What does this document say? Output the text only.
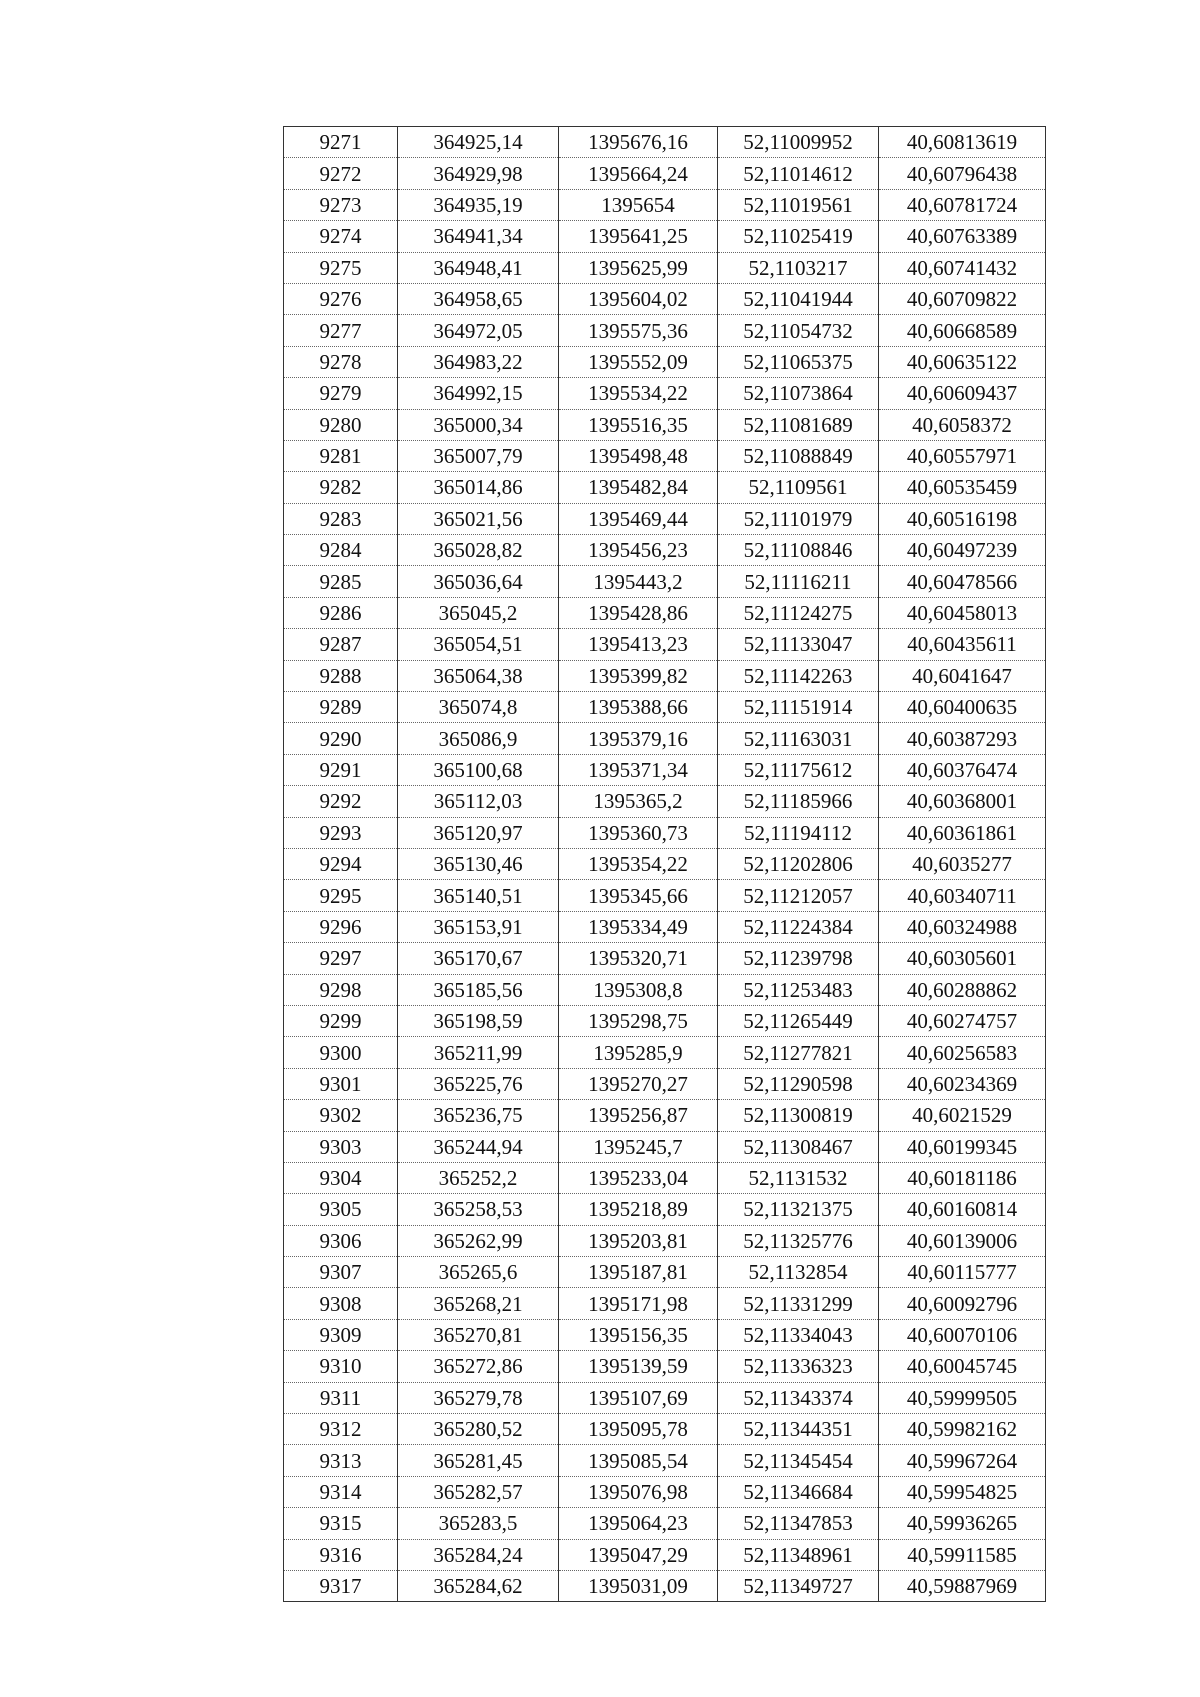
9271	364925,14	1395676,16	52,11009952	40,60813619
9272	364929,98	1395664,24	52,11014612	40,60796438
9273	364935,19	1395654	52,11019561	40,60781724
9274	364941,34	1395641,25	52,11025419	40,60763389
9275	364948,41	1395625,99	52,1103217	40,60741432
9276	364958,65	1395604,02	52,11041944	40,60709822
9277	364972,05	1395575,36	52,11054732	40,60668589
9278	364983,22	1395552,09	52,11065375	40,60635122
9279	364992,15	1395534,22	52,11073864	40,60609437
9280	365000,34	1395516,35	52,11081689	40,6058372
9281	365007,79	1395498,48	52,11088849	40,60557971
9282	365014,86	1395482,84	52,1109561	40,60535459
9283	365021,56	1395469,44	52,11101979	40,60516198
9284	365028,82	1395456,23	52,11108846	40,60497239
9285	365036,64	1395443,2	52,11116211	40,60478566
9286	365045,2	1395428,86	52,11124275	40,60458013
9287	365054,51	1395413,23	52,11133047	40,60435611
9288	365064,38	1395399,82	52,11142263	40,6041647
9289	365074,8	1395388,66	52,11151914	40,60400635
9290	365086,9	1395379,16	52,11163031	40,60387293
9291	365100,68	1395371,34	52,11175612	40,60376474
9292	365112,03	1395365,2	52,11185966	40,60368001
9293	365120,97	1395360,73	52,11194112	40,60361861
9294	365130,46	1395354,22	52,11202806	40,6035277
9295	365140,51	1395345,66	52,11212057	40,60340711
9296	365153,91	1395334,49	52,11224384	40,60324988
9297	365170,67	1395320,71	52,11239798	40,60305601
9298	365185,56	1395308,8	52,11253483	40,60288862
9299	365198,59	1395298,75	52,11265449	40,60274757
9300	365211,99	1395285,9	52,11277821	40,60256583
9301	365225,76	1395270,27	52,11290598	40,60234369
9302	365236,75	1395256,87	52,11300819	40,6021529
9303	365244,94	1395245,7	52,11308467	40,60199345
9304	365252,2	1395233,04	52,1131532	40,60181186
9305	365258,53	1395218,89	52,11321375	40,60160814
9306	365262,99	1395203,81	52,11325776	40,60139006
9307	365265,6	1395187,81	52,1132854	40,60115777
9308	365268,21	1395171,98	52,11331299	40,60092796
9309	365270,81	1395156,35	52,11334043	40,60070106
9310	365272,86	1395139,59	52,11336323	40,60045745
9311	365279,78	1395107,69	52,11343374	40,59999505
9312	365280,52	1395095,78	52,11344351	40,59982162
9313	365281,45	1395085,54	52,11345454	40,59967264
9314	365282,57	1395076,98	52,11346684	40,59954825
9315	365283,5	1395064,23	52,11347853	40,59936265
9316	365284,24	1395047,29	52,11348961	40,59911585
9317	365284,62	1395031,09	52,11349727	40,59887969
